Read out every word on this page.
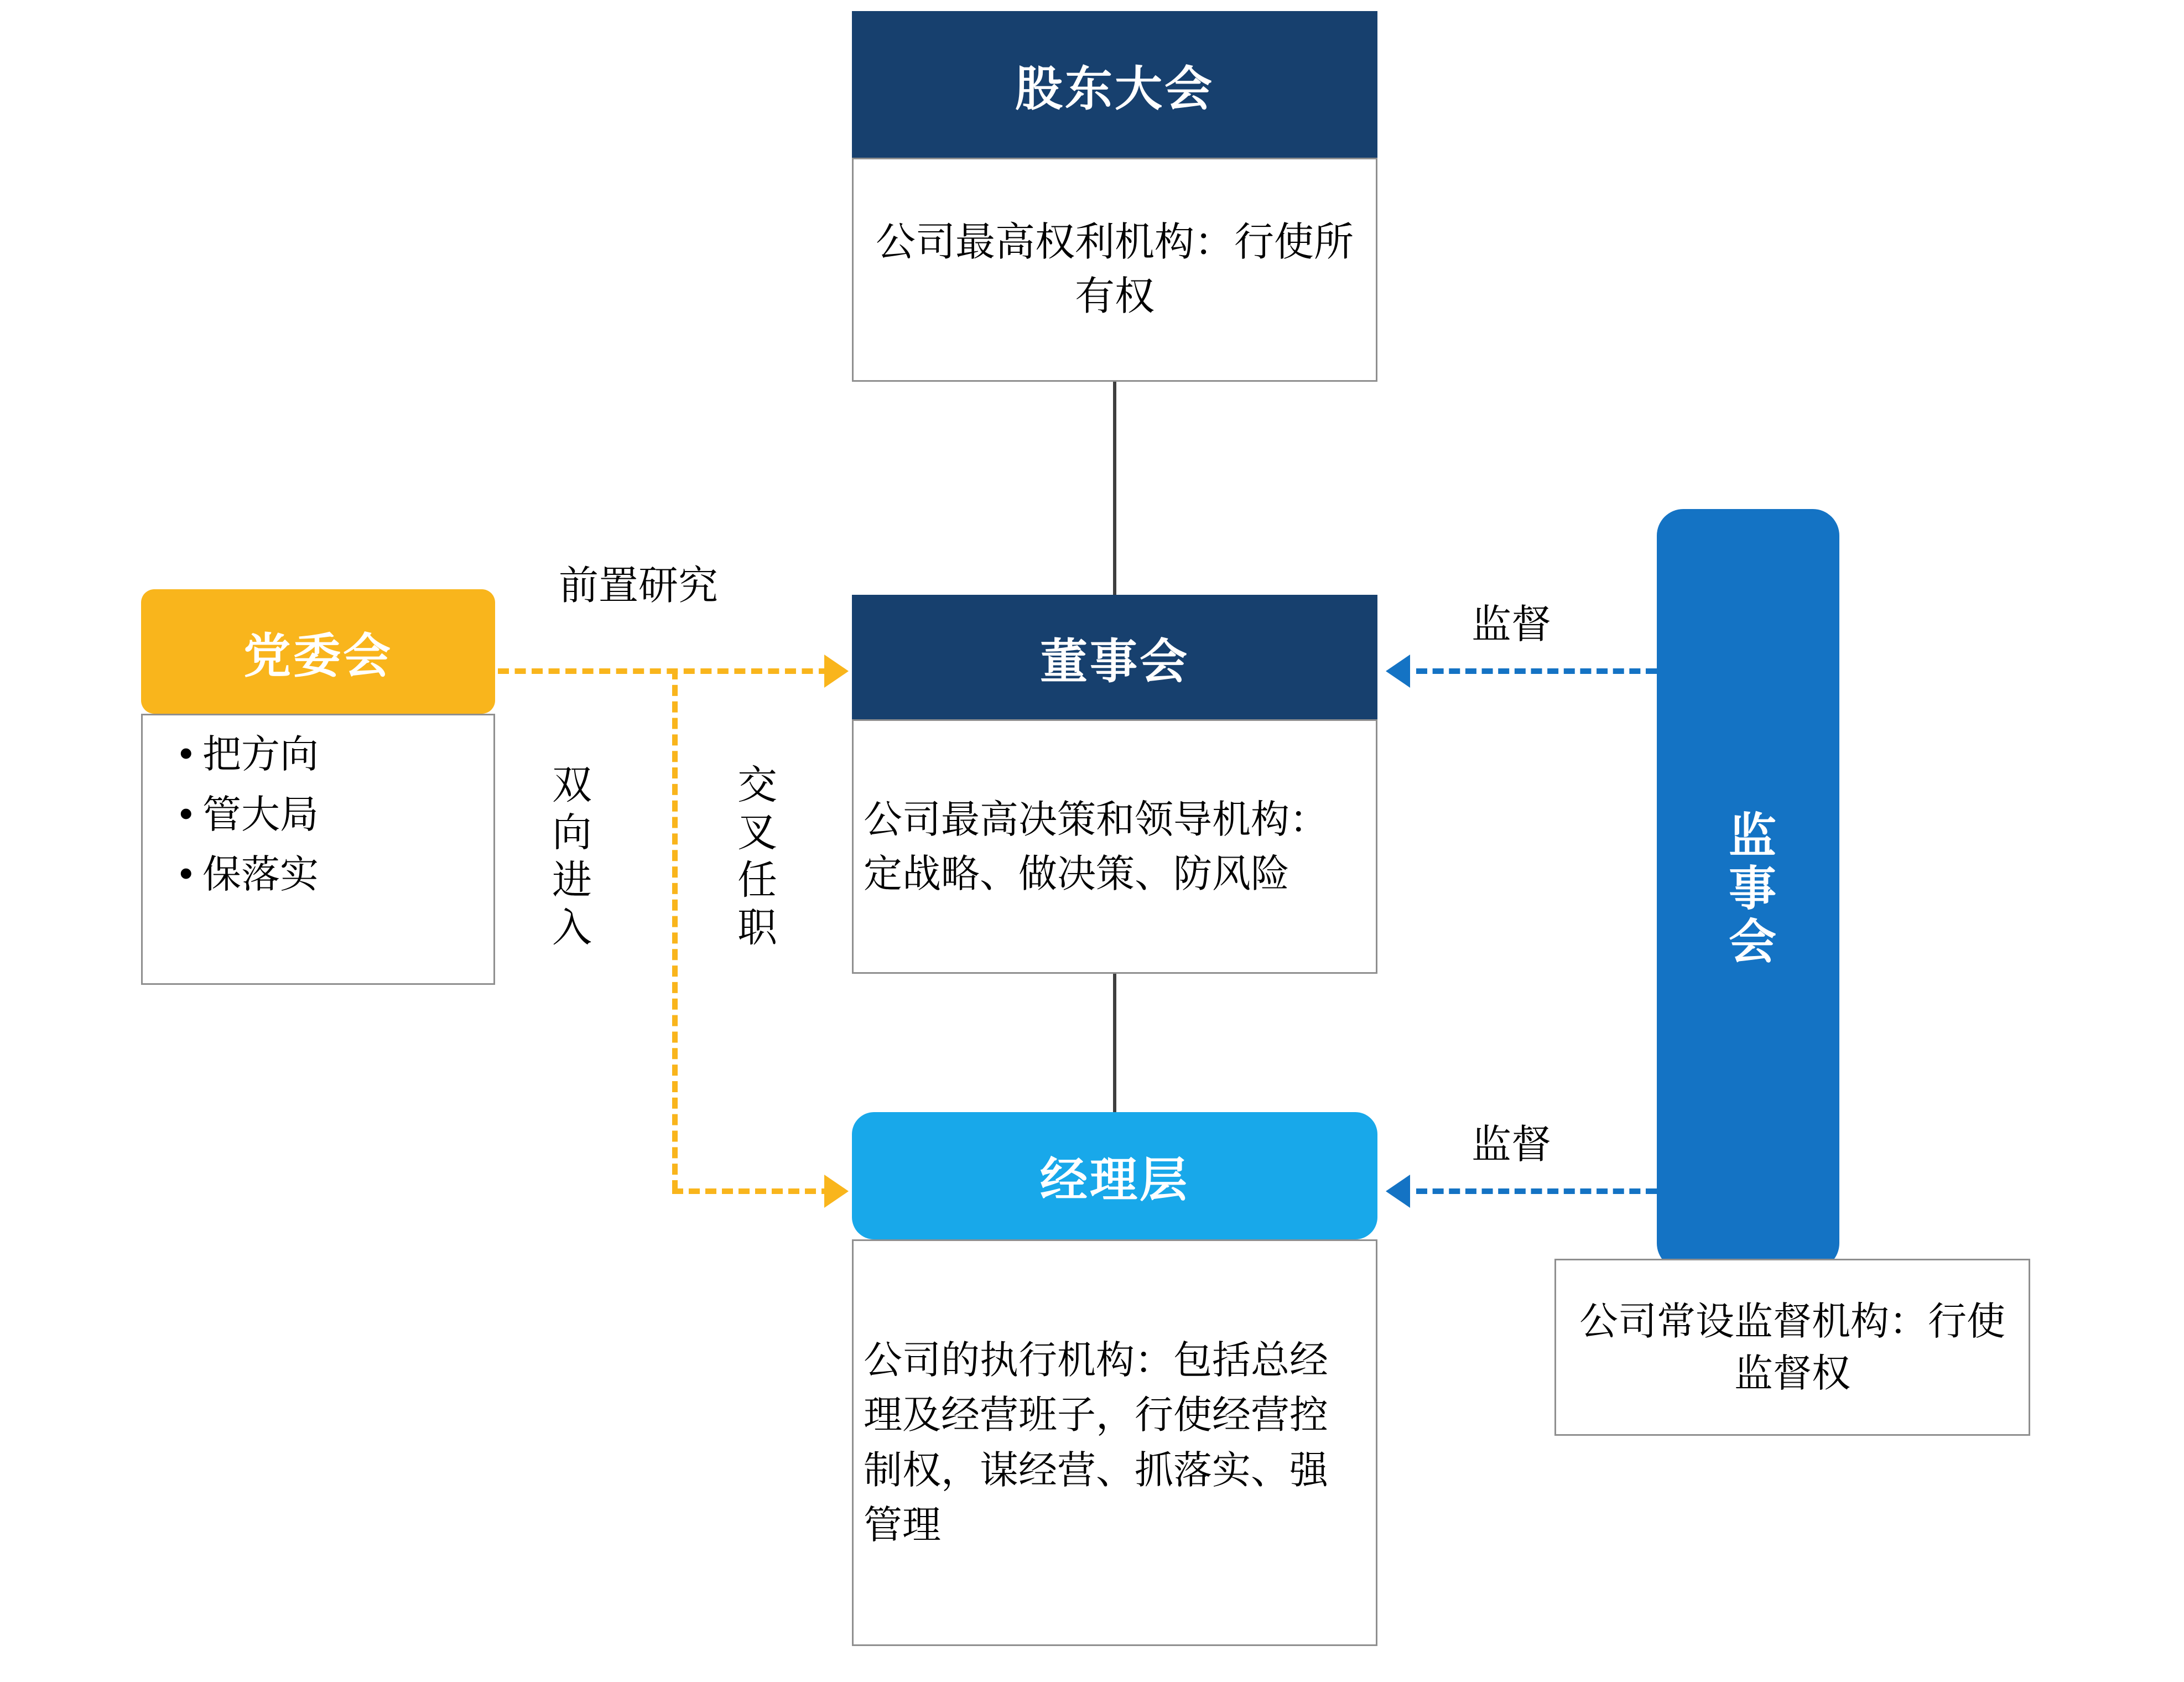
股东大会
公司最高权利机构：行使所有权
董事会
公司最高决策和领导机构：定战略、做决策、防风险
经理层
公司的执行机构：包括总经理及经营班子，行使经营控制权，谋经营、抓落实、强管理
党委会
• 把方向
• 管大局
• 保落实	监事会
公司常设监督机构：行使监督权
前置研究
双向进入	交叉任职
监督
监督
